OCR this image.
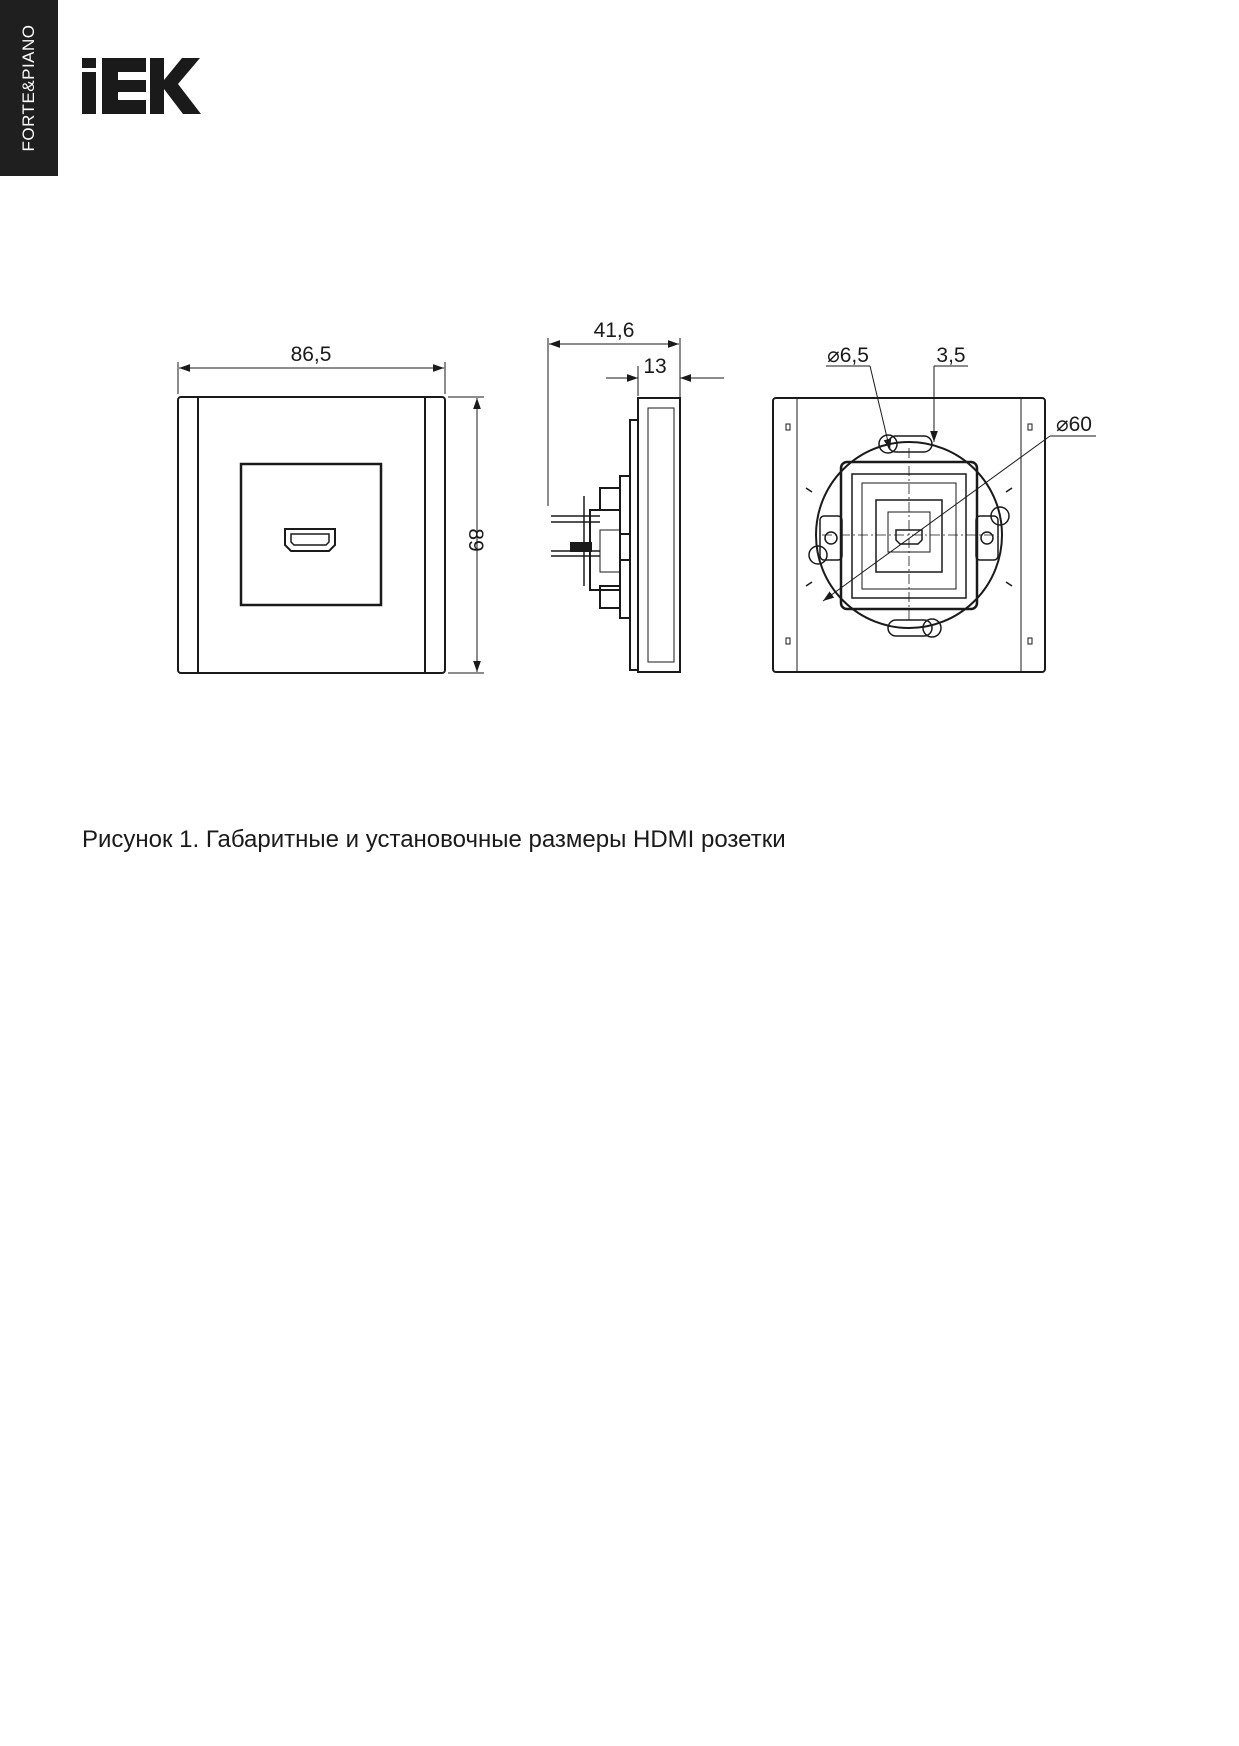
FORTE&PIANO
86,5
89
41,6
13	⌀6,5	3,5
⌀60
Рисунок 1. Габаритные и установочные размеры HDMI розетки
